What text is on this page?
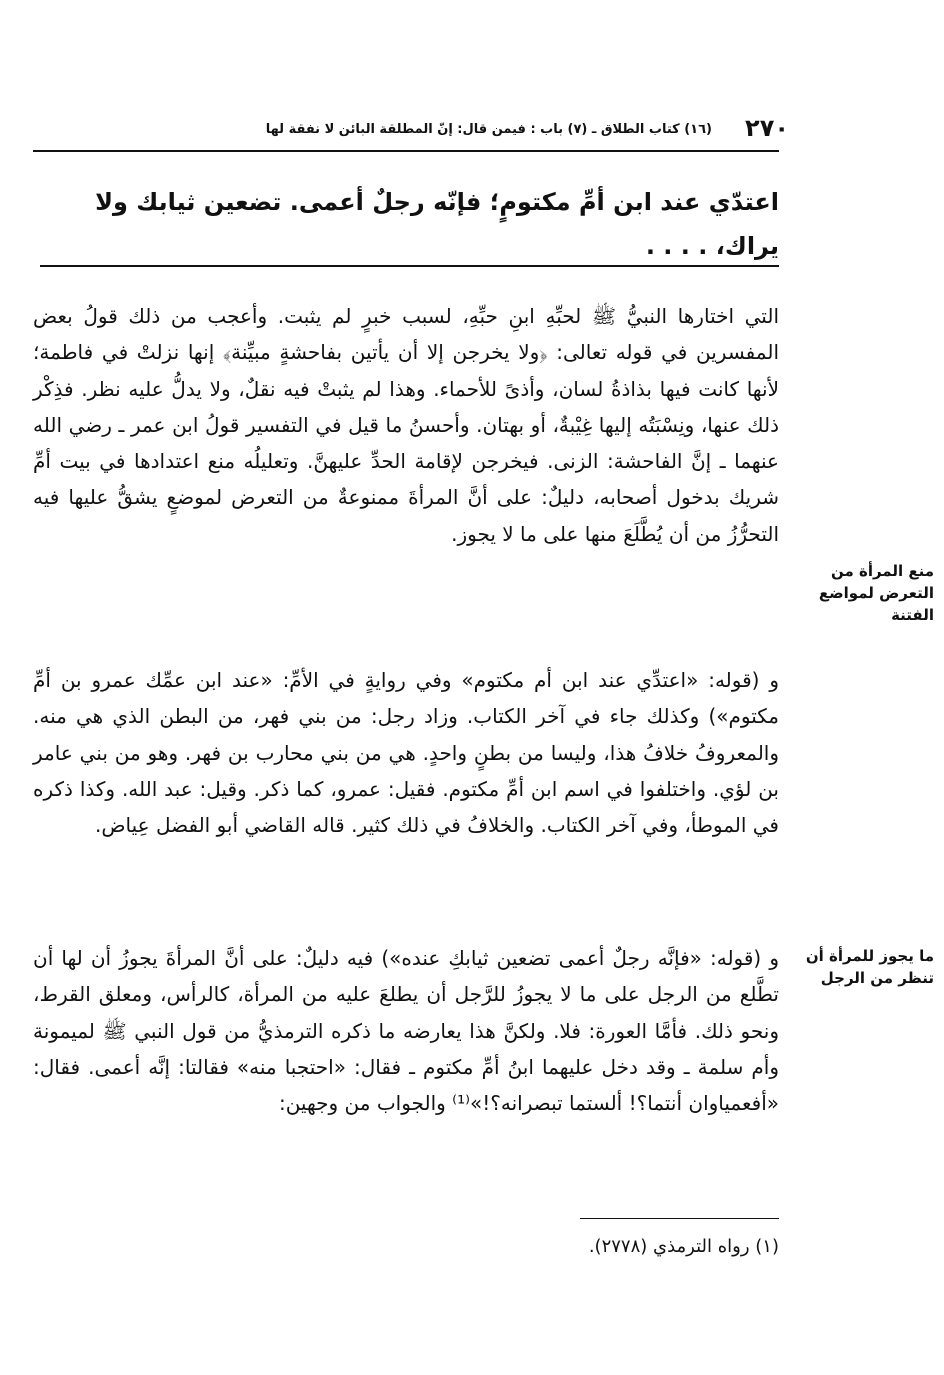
٢٧٠
(١٦) كتاب الطلاق ـ (٧) باب : فيمن قال: إنّ المطلقة البائن لا نفقة لها
اعتدّي عند ابن أمِّ مكتومٍ؛ فإنّه رجلٌ أعمى. تضعين ثيابك ولا يراك، . . . .
التي اختارها النبيُّ ﷺ لحبِّهِ ابنِ حبِّهِ، لسبب خبرٍ لم يثبت. وأعجب من ذلك قولُ بعض المفسرين في قوله تعالى: ﴿ولا يخرجن إلا أن يأتين بفاحشةٍ مبيِّنة﴾ إنها نزلتْ في فاطمة؛ لأنها كانت فيها بذاذةُ لسان، وأذىً للأحماء. وهذا لم يثبتْ فيه نقلٌ، ولا يدلُّ عليه نظر. فذِكْر ذلك عنها، ونِسْبَتُه إليها غِيْبةٌ، أو بهتان. وأحسنُ ما قيل في التفسير قولُ ابن عمر ـ رضي الله عنهما ـ إنَّ الفاحشة: الزنى. فيخرجن لإقامة الحدِّ عليهنَّ. وتعليلُه منع اعتدادها في بيت أمِّ شريك بدخول أصحابه، دليلٌ: على أنَّ المرأةَ ممنوعةٌ من التعرض لموضعٍ يشقُّ عليها فيه التحرُّزُ من أن يُطَّلَعَ منها على ما لا يجوز.
منع المرأة من التعرض لمواضع الفتنة
و (قوله: «اعتدِّي عند ابن أم مكتوم» وفي روايةٍ في الأمِّ: «عند ابن عمِّك عمرو بن أمِّ مكتوم») وكذلك جاء في آخر الكتاب. وزاد رجل: من بني فهر، من البطن الذي هي منه. والمعروفُ خلافُ هذا، وليسا من بطنٍ واحدٍ. هي من بني محارب بن فهر. وهو من بني عامر بن لؤي. واختلفوا في اسم ابن أمِّ مكتوم. فقيل: عمرو، كما ذكر. وقيل: عبد الله. وكذا ذكره في الموطأ، وفي آخر الكتاب. والخلافُ في ذلك كثير. قاله القاضي أبو الفضل عِياض.
و (قوله: «فإنَّه رجلٌ أعمى تضعين ثيابكِ عنده») فيه دليلٌ: على أنَّ المرأةَ يجوزُ أن لها أن تطَّلع من الرجل على ما لا يجوزُ للرَّجل أن يطلعَ عليه من المرأة، كالرأس، ومعلق القرط، ونحو ذلك. فأمَّا العورة: فلا. ولكنَّ هذا يعارضه ما ذكره الترمذيُّ من قول النبي ﷺ لميمونة وأم سلمة ـ وقد دخل عليهما ابنُ أمِّ مكتوم ـ فقال: «احتجبا منه» فقالتا: إنَّه أعمى. فقال: «أفعمياوان أنتما؟! ألستما تبصرانه؟!»⁽¹⁾ والجواب من وجهين:
ما يجوز للمرأة أن تنظر من الرجل
(١) رواه الترمذي (٢٧٧٨).
